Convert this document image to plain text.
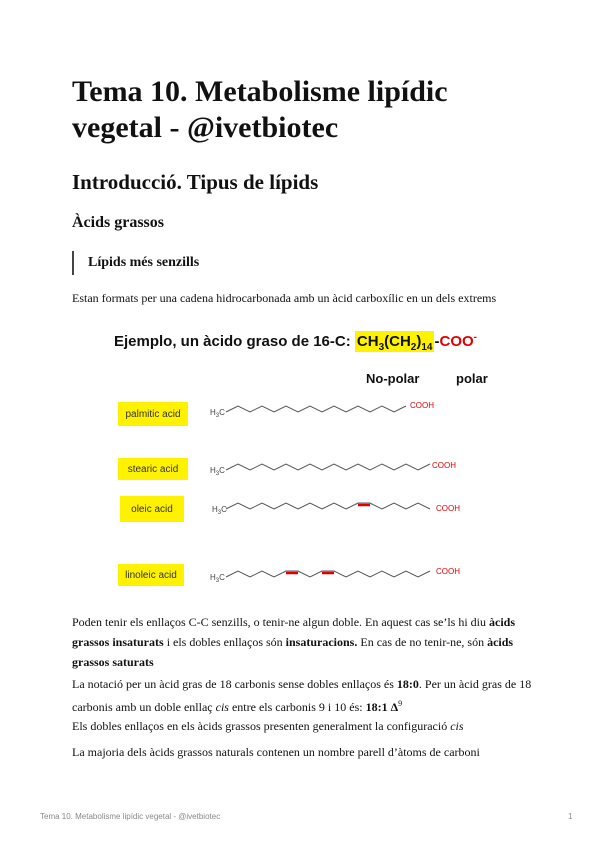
Tema 10. Metabolisme lipídic vegetal - @ivetbiotec
Introducció. Tipus de lípids
Àcids grassos
Lípids més senzills

Estan formats per una cadena hidrocarbonada amb un àcid carboxílic en un dels extrems

Ejemplo, un àcido graso de 16-C: $CH_3(CH_2)_{14}$ -COO-
No-polar	polar
palmitic acid
stearic acid
oleic acid
linoleic acid
$H_3C$
COOH
$H_3C$
COOH
$H_3C$	COOH
$H_3C$
COOH

Poden tenir els enllaços C-C senzills, o tenir-ne algun doble. En aquest cas se’ls hi diu àcids grassos insaturats i els dobles enllaços són insaturacions. En cas de no tenir-ne, són àcids grassos saturats

La notació per un àcid gras de 18 carbonis sense dobles enllaços és 18:0. Per un àcid gras de 18 carbonis amb un doble enllaç cis entre els carbonis 9 i 10 és: 18:1 $\Delta^9$

Els dobles enllaços en els àcids grassos presenten generalment la configuració cis

La majoria dels àcids grassos naturals contenen un nombre parell d’àtoms de carboni

Tema 10. Metabolisme lipídic vegetal - @ivetbiotec	1
